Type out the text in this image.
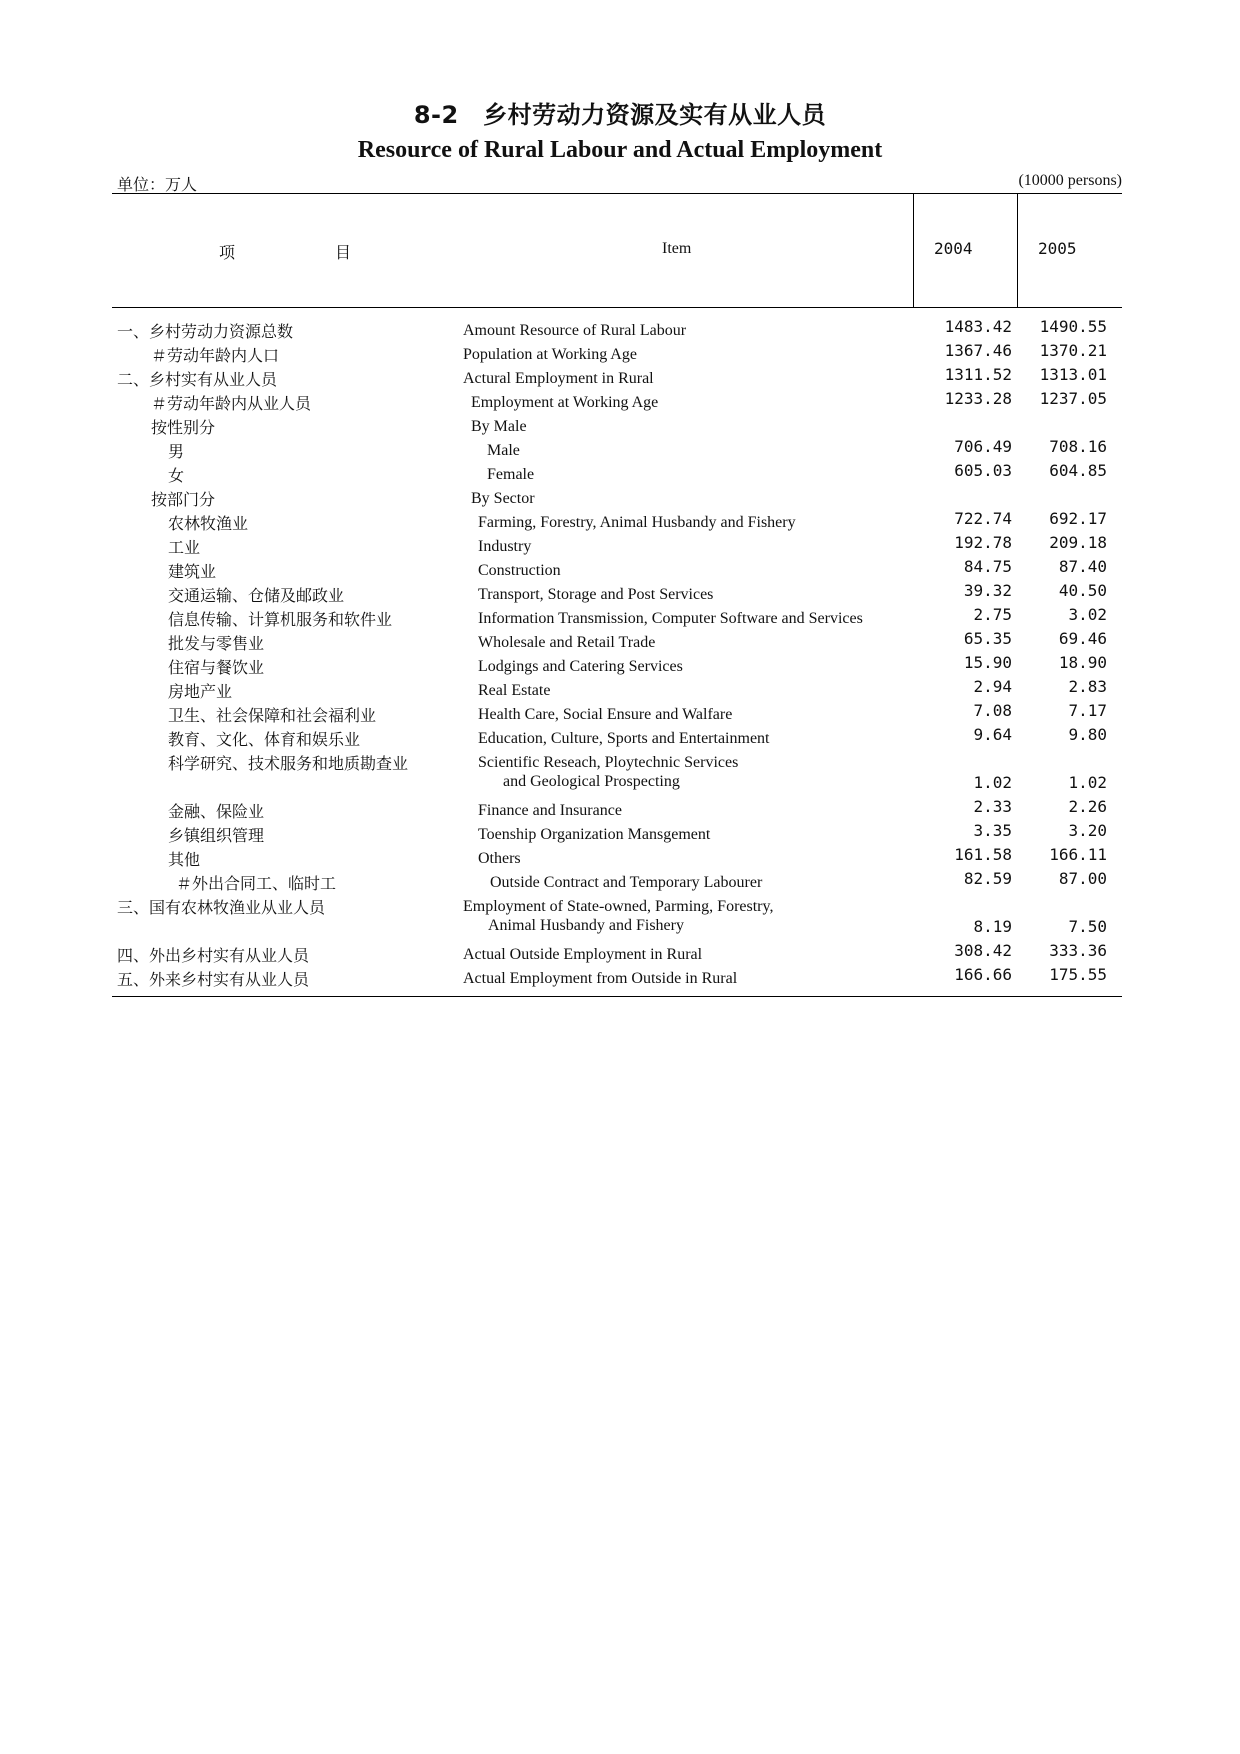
8-2　乡村劳动力资源及实有从业人员
Resource of Rural Labour and Actual Employment
单位：万人	(10000 persons)
项	目	Item	2004	2005
一、乡村劳动力资源总数	Amount Resource of Rural Labour	1483.42	1490.55
＃劳动年龄内人口	Population at Working Age	1367.46	1370.21
二、乡村实有从业人员	Actural Employment in Rural	1311.52	1313.01
＃劳动年龄内从业人员	Employment at Working Age	1233.28	1237.05
按性别分	By Male
男	Male	706.49	708.16
女	Female	605.03	604.85
按部门分	By Sector
农林牧渔业	Farming, Forestry, Animal Husbandy and Fishery	722.74	692.17
工业	Industry	192.78	209.18
建筑业	Construction	84.75	87.40
交通运输、仓储及邮政业	Transport, Storage and Post Services	39.32	40.50
信息传输、计算机服务和软件业	Information Transmission, Computer Software and Services	2.75	3.02
批发与零售业	Wholesale and Retail Trade	65.35	69.46
住宿与餐饮业	Lodgings and Catering Services	15.90	18.90
房地产业	Real Estate	2.94	2.83
卫生、社会保障和社会福利业	Health Care, Social Ensure and Walfare	7.08	7.17
教育、文化、体育和娱乐业	Education, Culture, Sports and Entertainment	9.64	9.80
科学研究、技术服务和地质勘查业	Scientific Reseach, Ploytechnic Services
and Geological Prospecting	1.02	1.02
金融、保险业	Finance and Insurance	2.33	2.26
乡镇组织管理	Toenship Organization Mansgement	3.35	3.20
其他	Others	161.58	166.11
＃外出合同工、临时工	Outside Contract and Temporary Labourer	82.59	87.00
三、国有农林牧渔业从业人员	Employment of State-owned, Parming, Forestry,
Animal Husbandy and Fishery	8.19	7.50
四、外出乡村实有从业人员	Actual Outside Employment in Rural	308.42	333.36
五、外来乡村实有从业人员	Actual Employment from Outside in Rural	166.66	175.55
